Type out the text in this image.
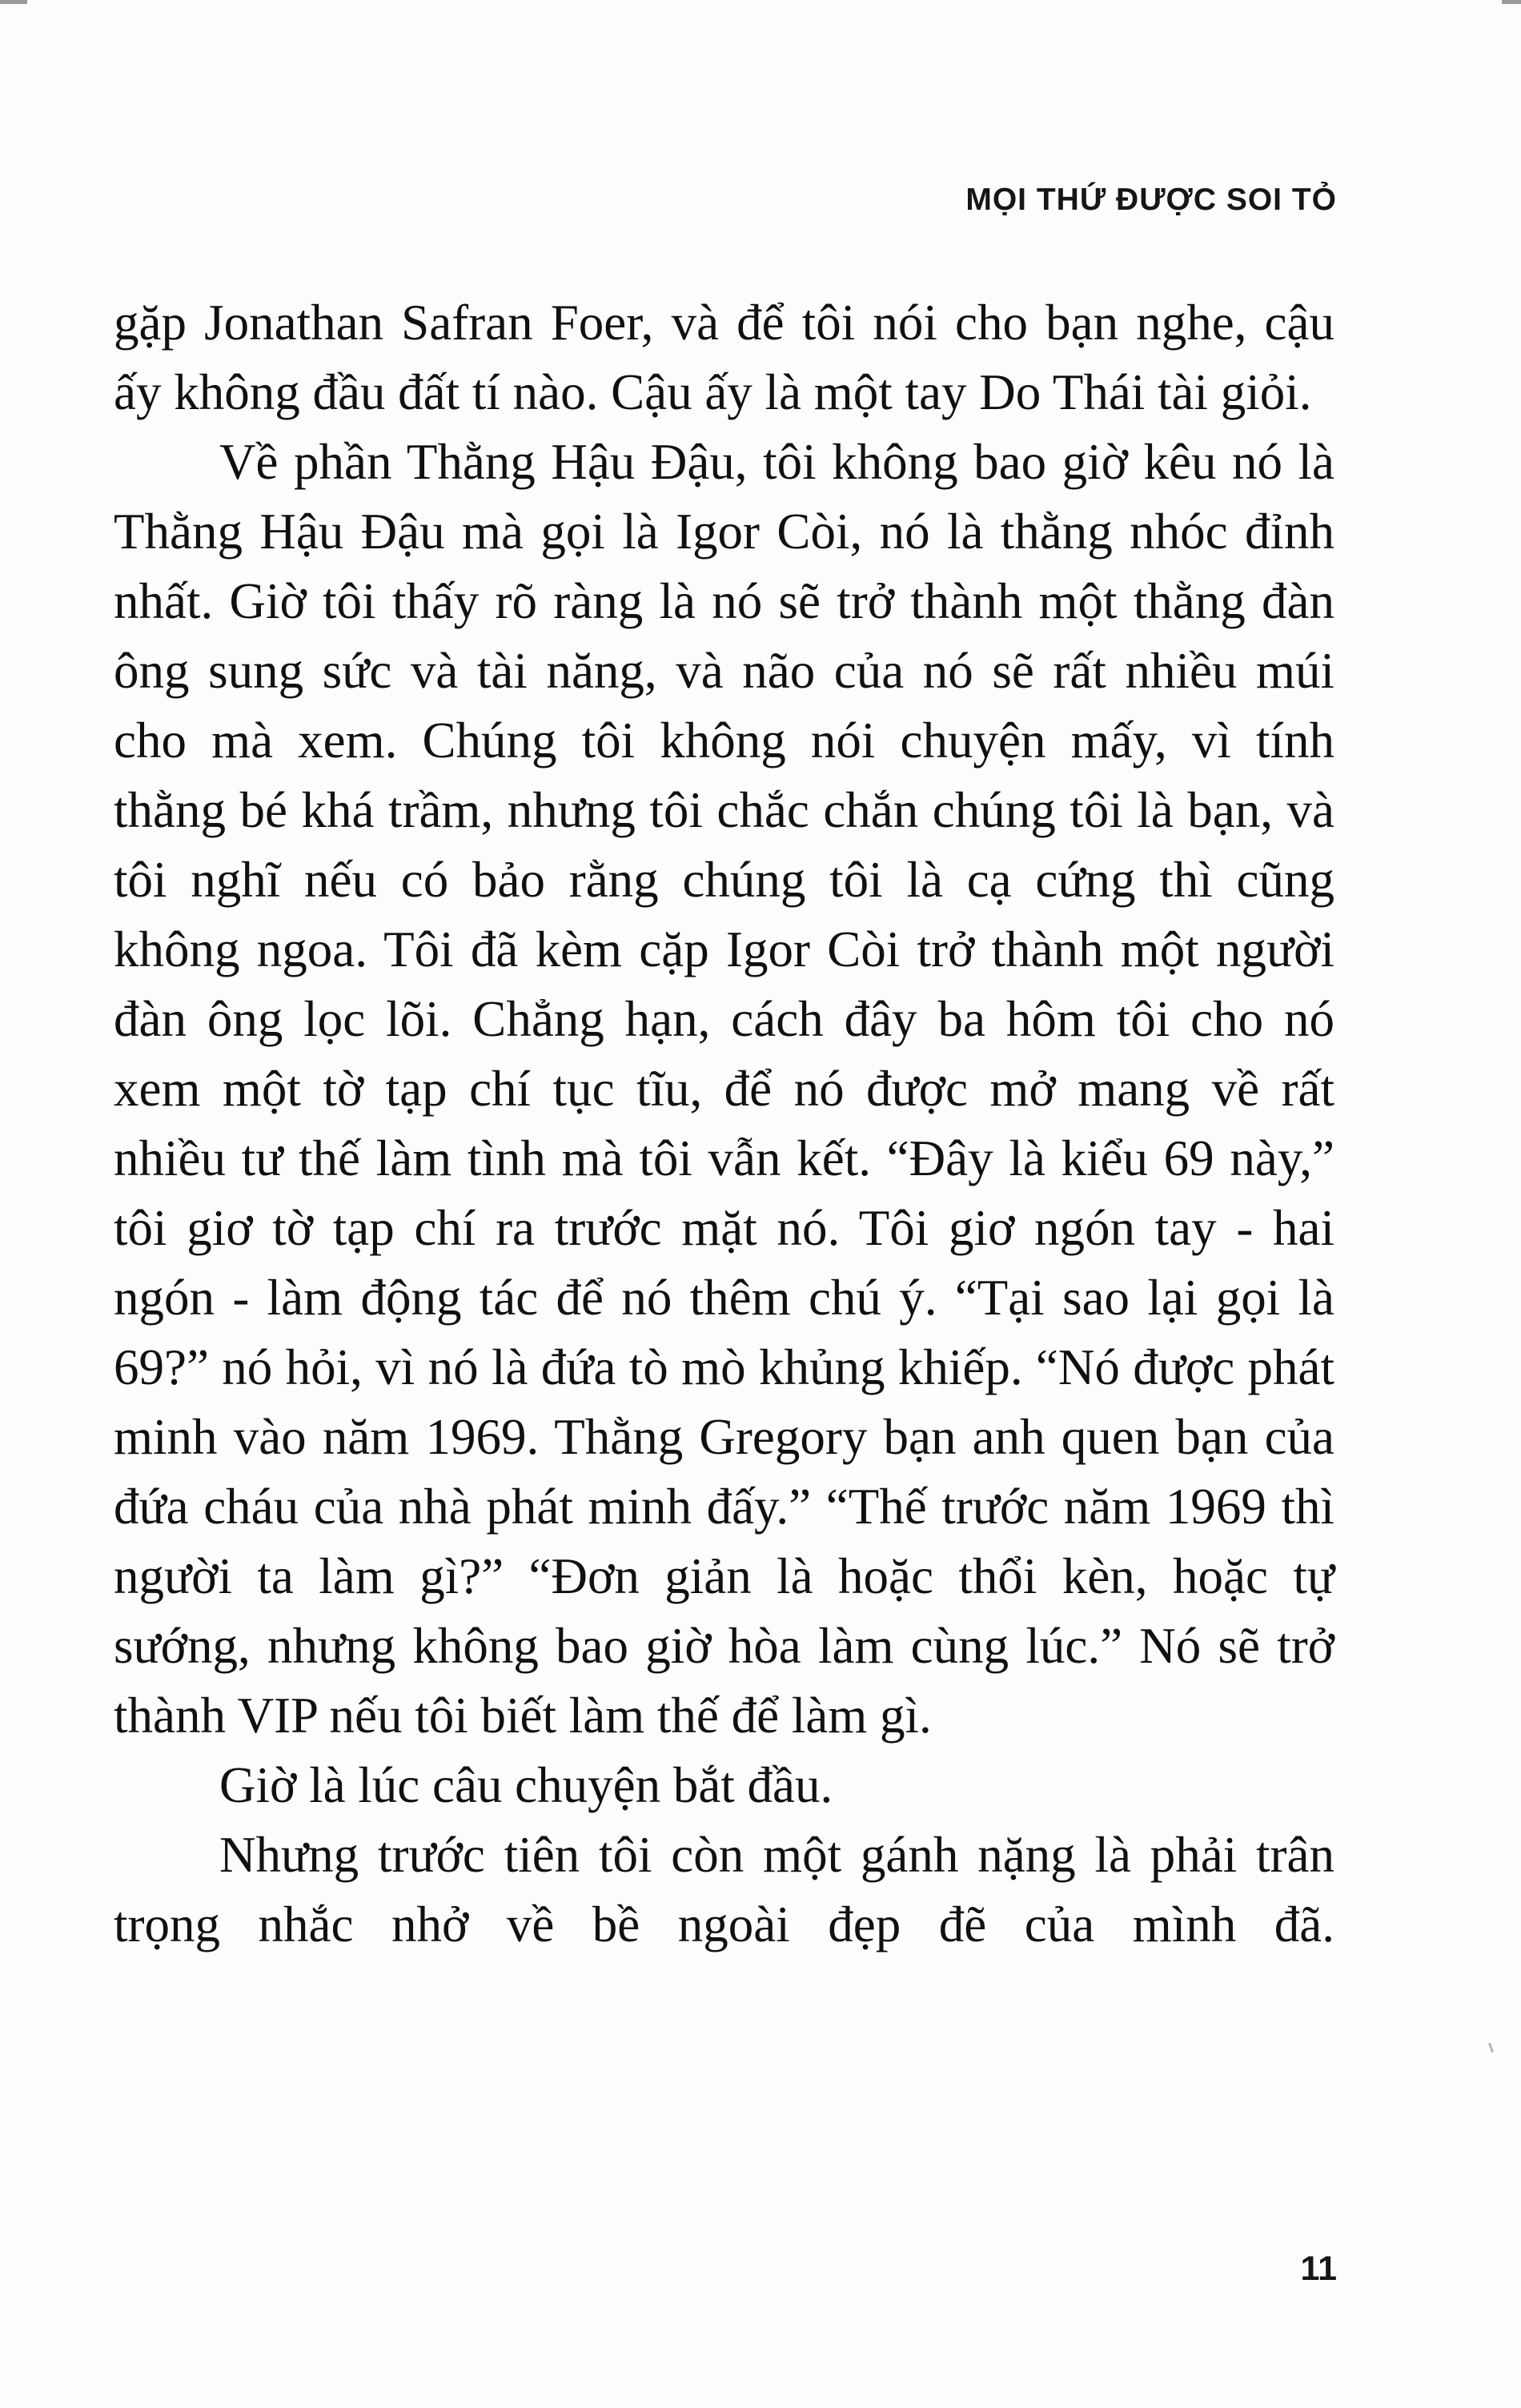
MỌI THỨ ĐƯỢC SOI TỎ

gặp Jonathan Safran Foer, và để tôi nói cho bạn nghe, cậu ấy không đầu đất tí nào. Cậu ấy là một tay Do Thái tài giỏi.

Về phần Thằng Hậu Đậu, tôi không bao giờ kêu nó là Thằng Hậu Đậu mà gọi là Igor Còi, nó là thằng nhóc đỉnh nhất. Giờ tôi thấy rõ ràng là nó sẽ trở thành một thằng đàn ông sung sức và tài năng, và não của nó sẽ rất nhiều múi cho mà xem. Chúng tôi không nói chuyện mấy, vì tính thằng bé khá trầm, nhưng tôi chắc chắn chúng tôi là bạn, và tôi nghĩ nếu có bảo rằng chúng tôi là cạ cứng thì cũng không ngoa. Tôi đã kèm cặp Igor Còi trở thành một người đàn ông lọc lõi. Chẳng hạn, cách đây ba hôm tôi cho nó xem một tờ tạp chí tục tĩu, để nó được mở mang về rất nhiều tư thế làm tình mà tôi vẫn kết. “Đây là kiểu 69 này,” tôi giơ tờ tạp chí ra trước mặt nó. Tôi giơ ngón tay - hai ngón - làm động tác để nó thêm chú ý. “Tại sao lại gọi là 69?” nó hỏi, vì nó là đứa tò mò khủng khiếp. “Nó được phát minh vào năm 1969. Thằng Gregory bạn anh quen bạn của đứa cháu của nhà phát minh đấy.” “Thế trước năm 1969 thì người ta làm gì?” “Đơn giản là hoặc thổi kèn, hoặc tự sướng, nhưng không bao giờ hòa làm cùng lúc.” Nó sẽ trở thành VIP nếu tôi biết làm thế để làm gì.

Giờ là lúc câu chuyện bắt đầu.

Nhưng trước tiên tôi còn một gánh nặng là phải trân trọng nhắc nhở về bề ngoài đẹp đẽ của mình đã.

11
